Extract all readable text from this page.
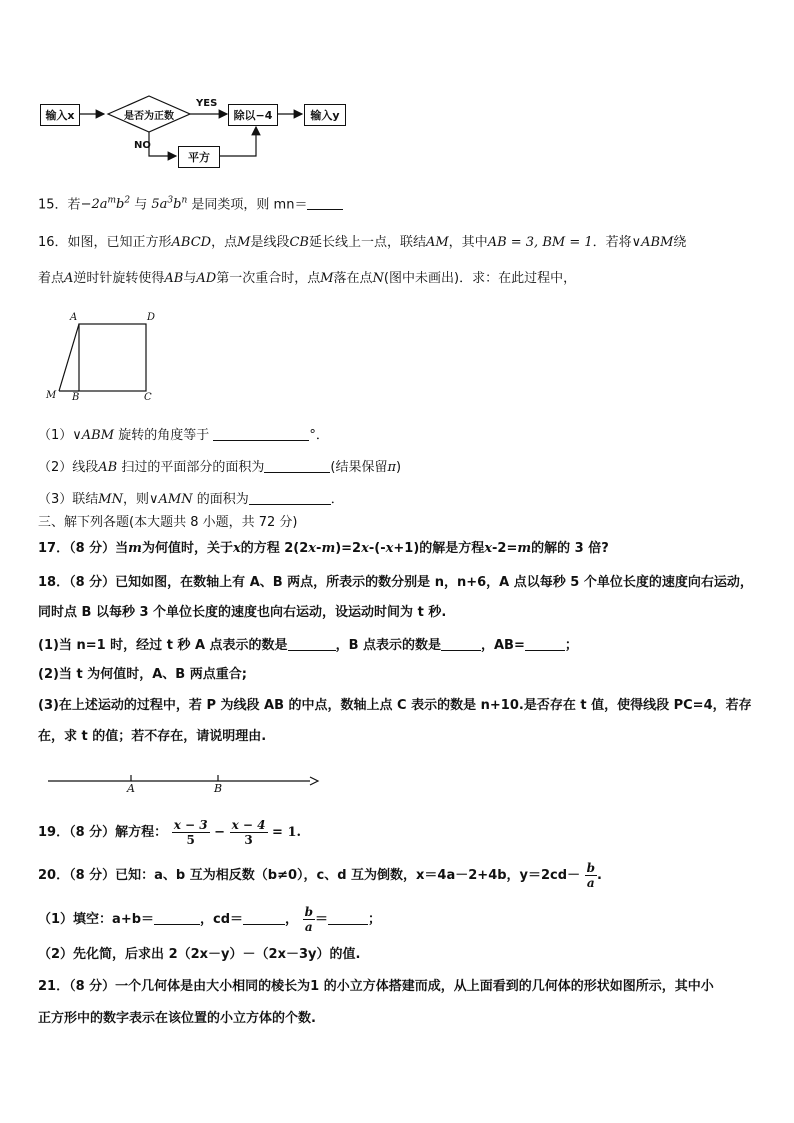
输入x	是否为正数
YES
NO
除以−4	输入y
平方
15．若$-2a^mb^2$ 与 $5a^3b^n$ 是同类项，则 mn＝
16．如图，已知正方形ABCD，点M是线段CB延长线上一点，联结AM，其中AB = 3, BM = 1．若将∨ABM绕
着点A逆时针旋转使得AB与AD第一次重合时，点M落在点N(图中未画出)．求：在此过程中，
A	D
M B	C
（1）∨ABM 旋转的角度等于	°．
（2）线段AB 扫过的平面部分的面积为	(结果保留π)
（3）联结MN，则∨AMN 的面积为	．
三、解下列各题(本大题共 8 小题，共 72 分)
17．（8 分）当m为何值时，关于x的方程 2(2x-m)=2x-(-x+1)的解是方程x-2=m的解的 3 倍?
18．（8 分）已知如图，在数轴上有 A、B 两点，所表示的数分别是 n，n+6，A 点以每秒 5 个单位长度的速度向右运动，
同时点 B 以每秒 3 个单位长度的速度也向右运动，设运动时间为 t 秒.
(1)当 n=1 时，经过 t 秒 A 点表示的数是	，B 点表示的数是	，AB=	；
(2)当 t 为何值时，A、B 两点重合;
(3)在上述运动的过程中，若 P 为线段 AB 的中点，数轴上点 C 表示的数是 n+10.是否存在 t 值，使得线段 PC=4，若存
在，求 t 的值；若不存在，请说明理由.
A	B
19．（8 分）解方程： $\frac{x - 3}{5} - \frac{x - 4}{3} = 1$.
20．（8 分）已知：a、b 互为相反数（b≠0），c、d 互为倒数，x＝4a－2+4b，$y=2cd- \frac{b}{a}$ .
（1）填空：a+b＝	，cd＝	， $\frac{b}{a}$ ＝	；
（2）先化简，后求出 2（2x－y）－（2x－3y）的值.
21．（8 分）一个几何体是由大小相同的棱长为1 的小立方体搭建而成，从上面看到的几何体的形状如图所示，其中小
正方形中的数字表示在该位置的小立方体的个数.
